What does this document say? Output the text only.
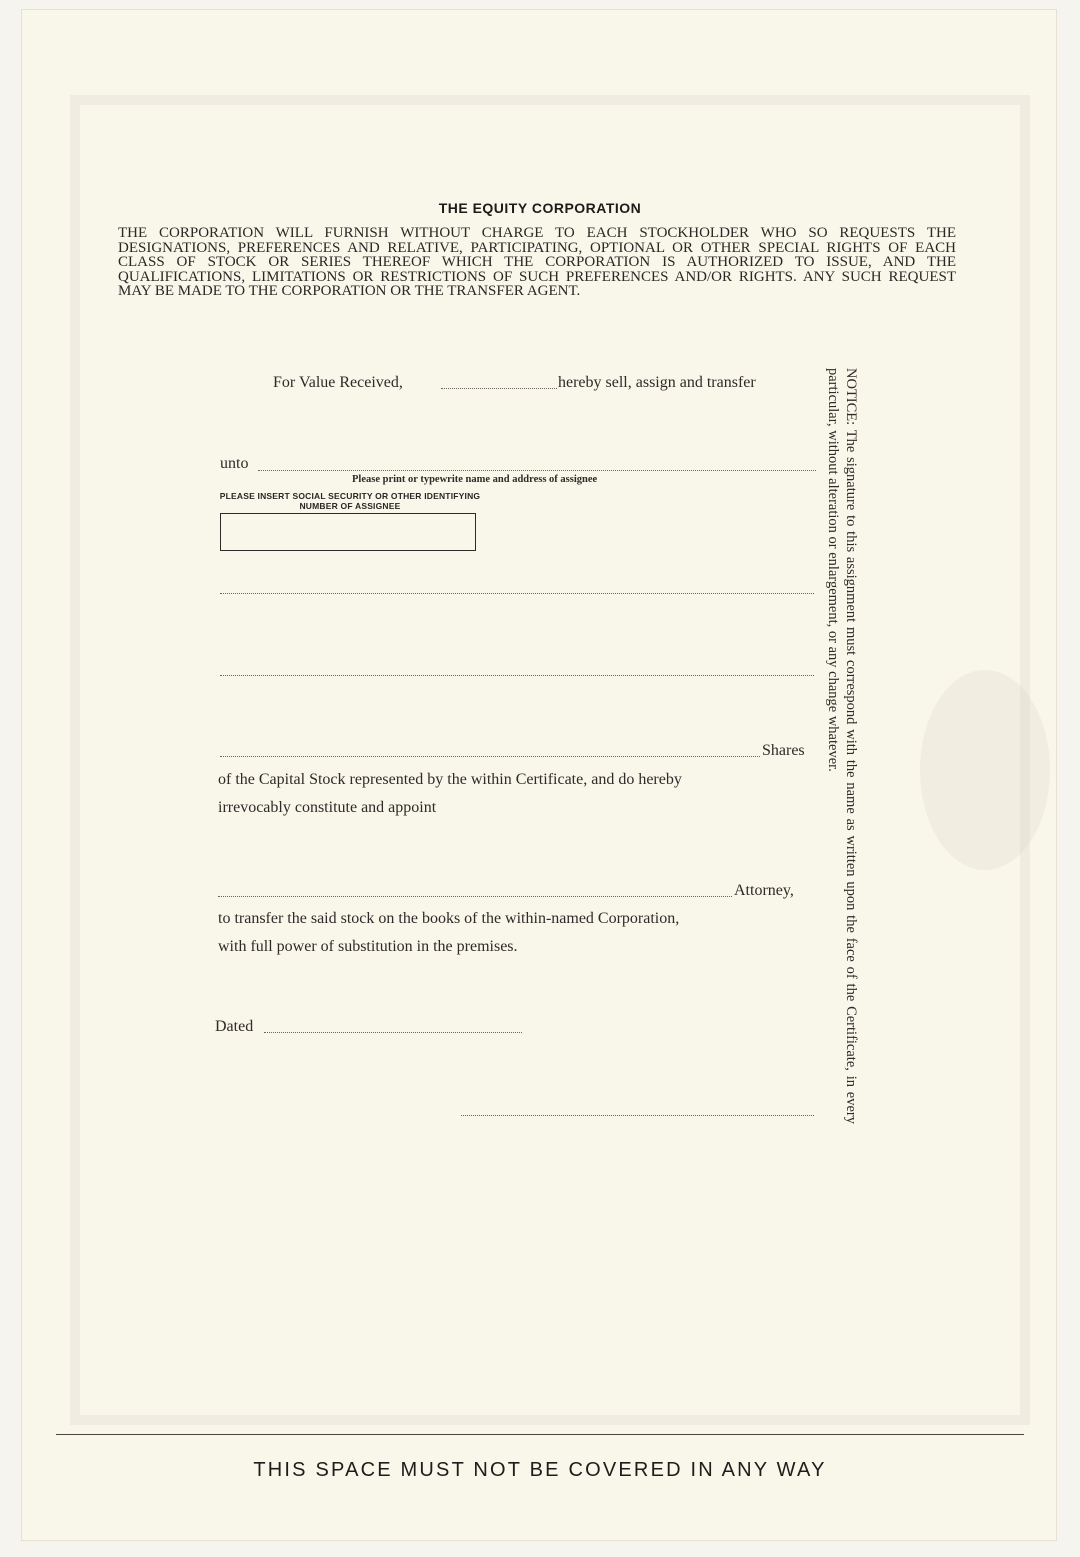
THE EQUITY CORPORATION
THE CORPORATION WILL FURNISH WITHOUT CHARGE TO EACH STOCKHOLDER WHO SO REQUESTS THE DESIGNATIONS, PREFERENCES AND RELATIVE, PARTICIPATING, OPTIONAL OR OTHER SPECIAL RIGHTS OF EACH CLASS OF STOCK OR SERIES THEREOF WHICH THE CORPORATION IS AUTHORIZED TO ISSUE, AND THE QUALIFICATIONS, LIMITATIONS OR RESTRICTIONS OF SUCH PREFERENCES AND/OR RIGHTS. ANY SUCH REQUEST MAY BE MADE TO THE CORPORATION OR THE TRANSFER AGENT.
For Value Received,	hereby sell, assign and transfer
unto
Please print or typewrite name and address of assignee
PLEASE INSERT SOCIAL SECURITY OR OTHER IDENTIFYING NUMBER OF ASSIGNEE
Shares
of the Capital Stock represented by the within Certificate, and do hereby
irrevocably constitute and appoint
Attorney,
to transfer the said stock on the books of the within-named Corporation,
with full power of substitution in the premises.
Dated
NOTICE: The signature to this assignment must correspond with the name as written upon the face of the Certificate, in every particular, without alteration or enlargement, or any change whatever.
THIS SPACE MUST NOT BE COVERED IN ANY WAY
